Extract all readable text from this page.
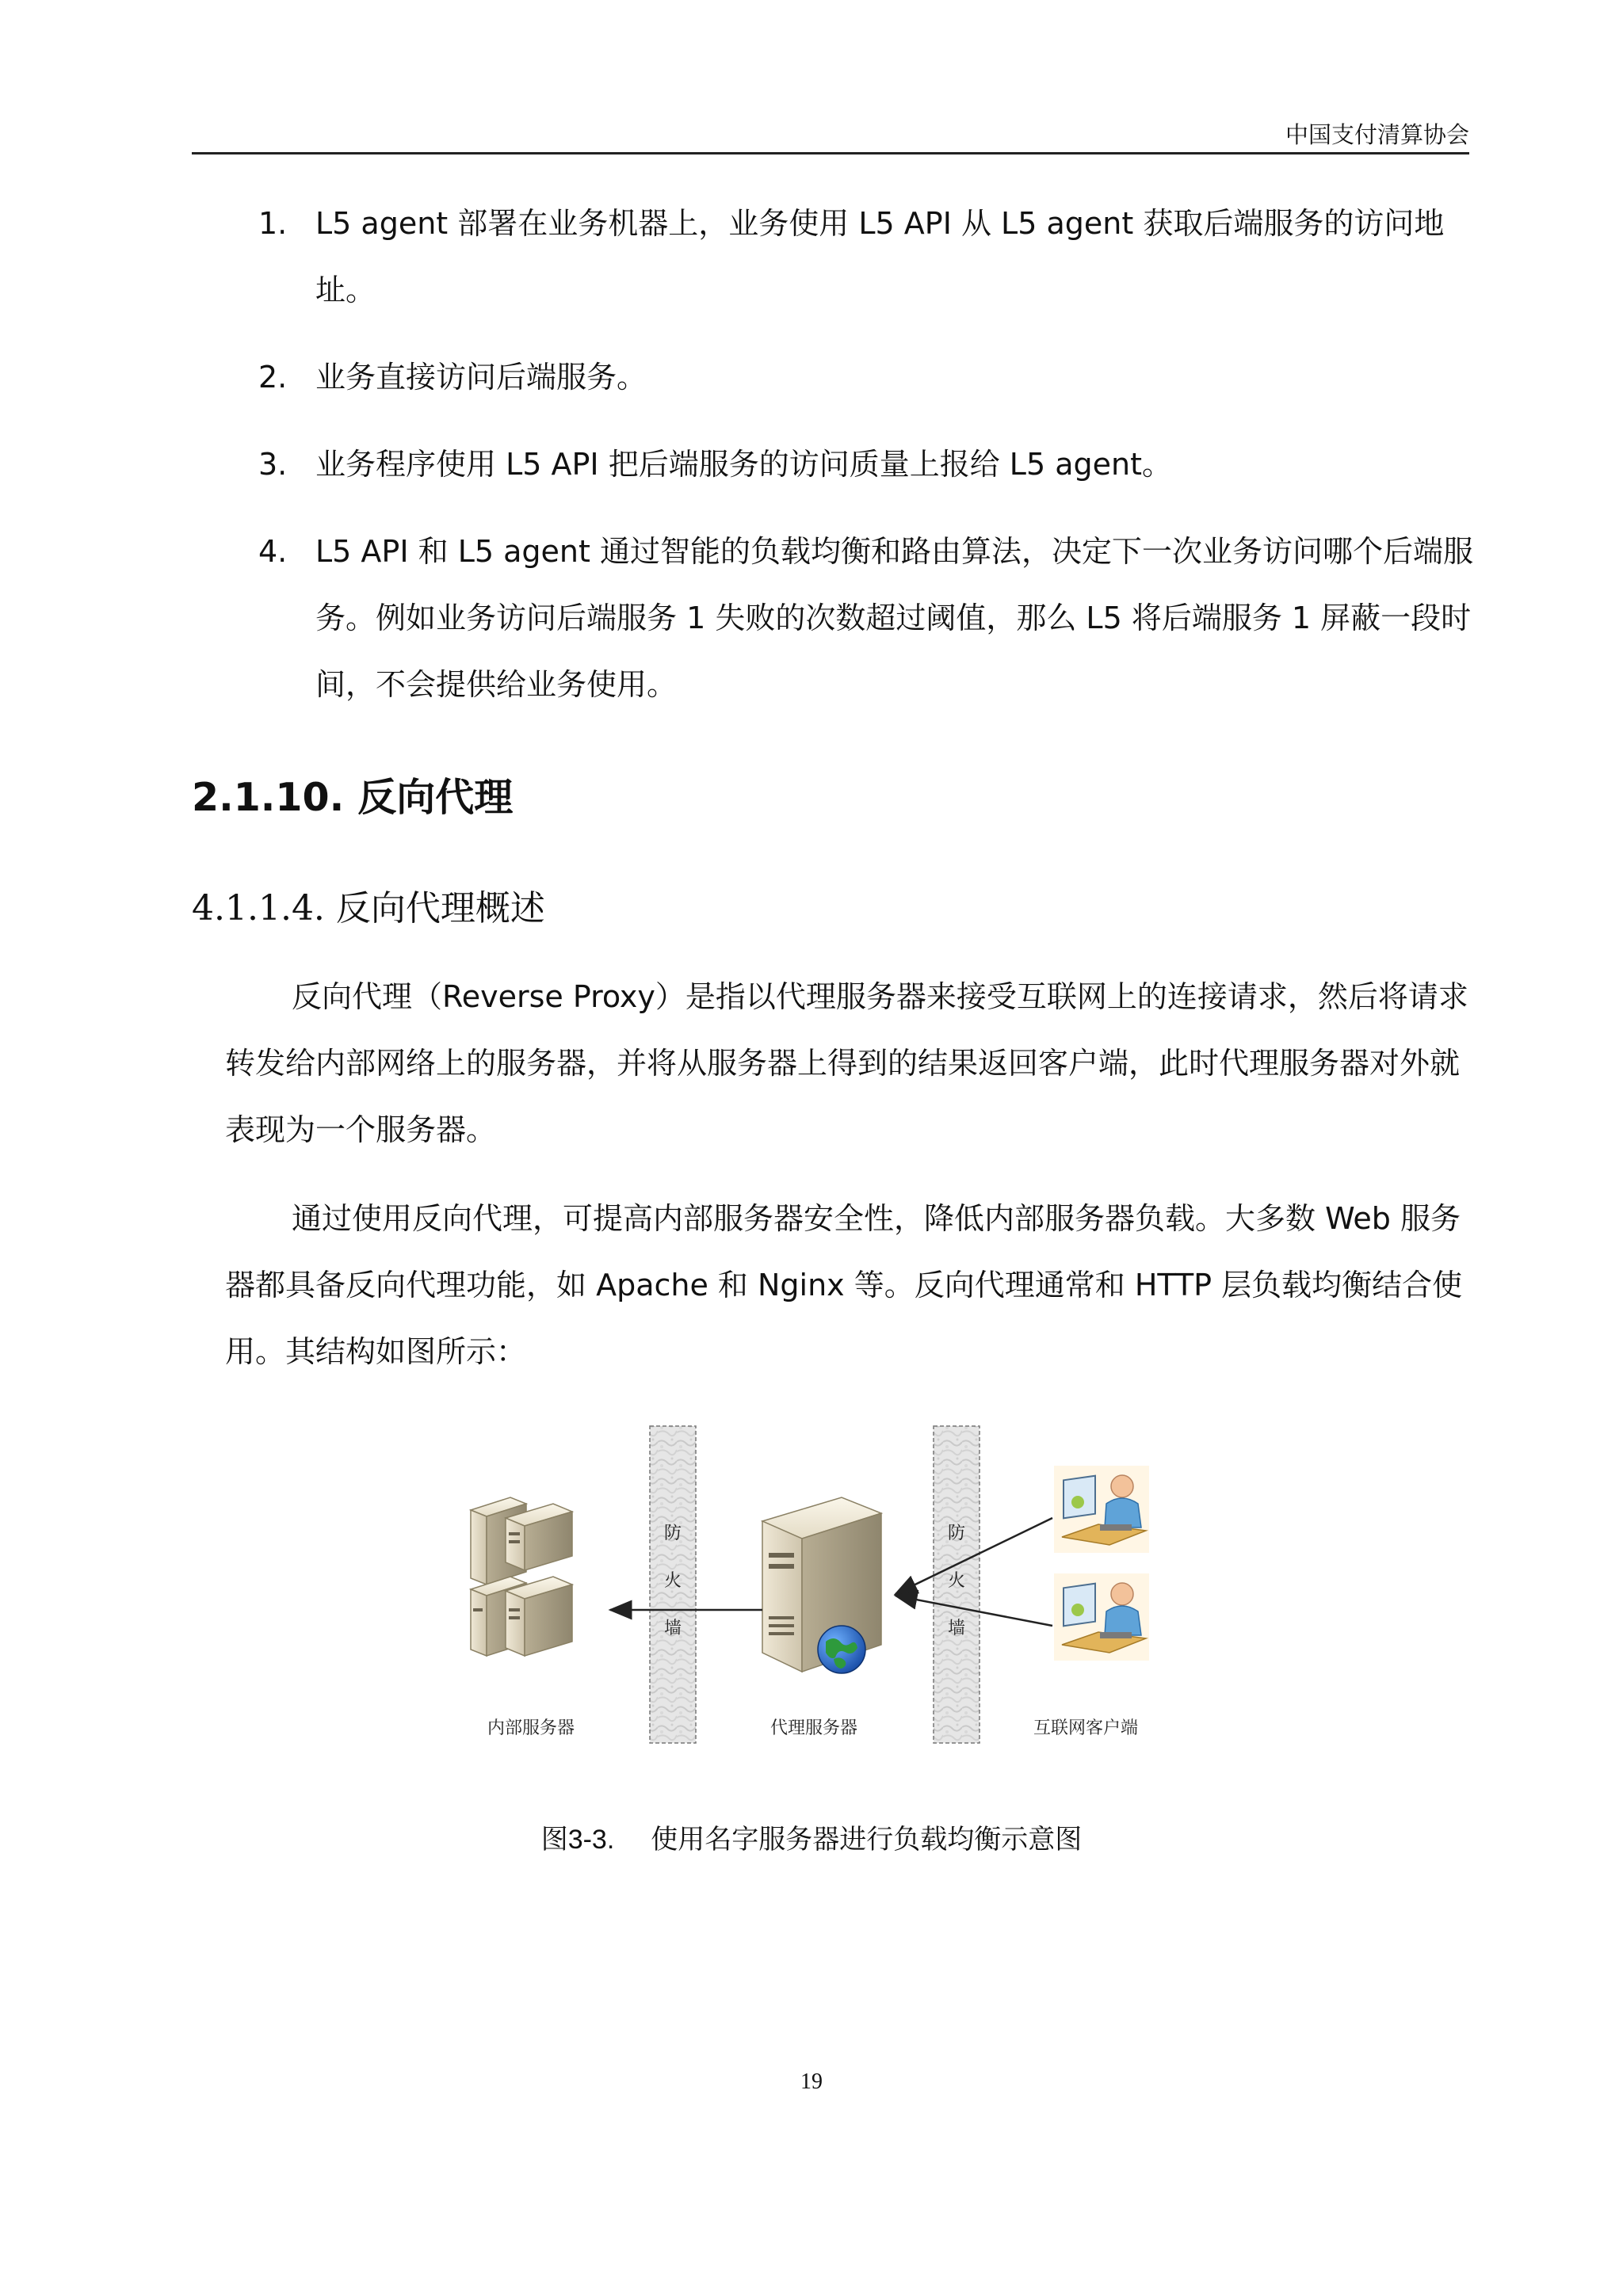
中国支付清算协会
1. L5 agent 部署在业务机器上，业务使用 L5 API 从 L5 agent 获取后端服务的访问地址。
2. 业务直接访问后端服务。
3. 业务程序使用 L5 API 把后端服务的访问质量上报给 L5 agent。
4. L5 API 和 L5 agent 通过智能的负载均衡和路由算法，决定下一次业务访问哪个后端服务。例如业务访问后端服务 1 失败的次数超过阈值，那么 L5 将后端服务 1 屏蔽一段时间，不会提供给业务使用。
2.1.10. 反向代理
4.1.1.4. 反向代理概述

反向代理（Reverse Proxy）是指以代理服务器来接受互联网上的连接请求，然后将请求转发给内部网络上的服务器，并将从服务器上得到的结果返回客户端，此时代理服务器对外就表现为一个服务器。

通过使用反向代理，可提高内部服务器安全性，降低内部服务器负载。大多数 Web 服务器都具备反向代理功能，如 Apache 和 Nginx 等。反向代理通常和 HTTP 层负载均衡结合使用。其结构如图所示：

防
火
墙
防
火
墙
内部服务器	代理服务器	互联网客户端
图3-3. 使用名字服务器进行负载均衡示意图
19
